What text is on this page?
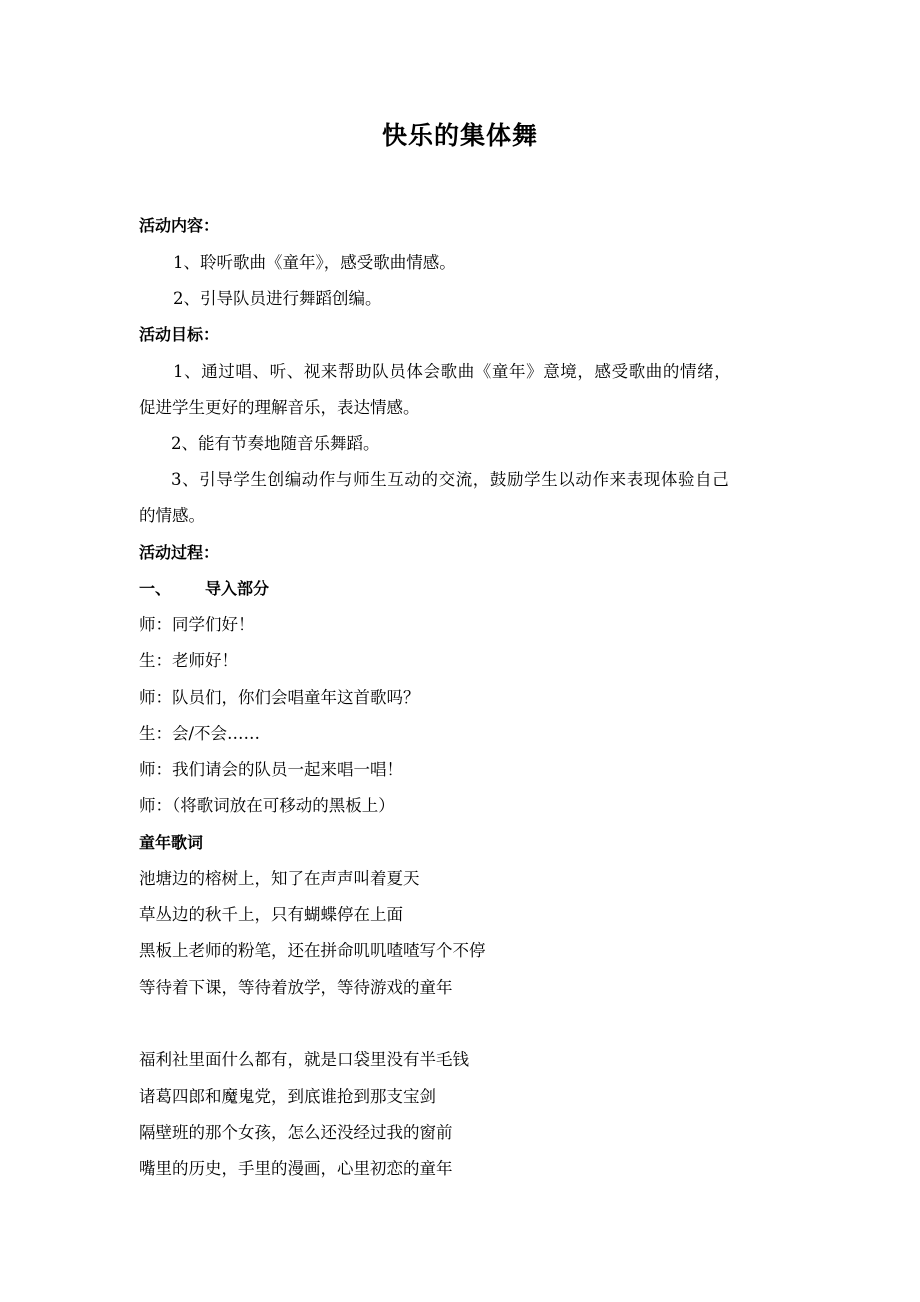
快乐的集体舞
活动内容：
1、聆听歌曲《童年》，感受歌曲情感。
2、引导队员进行舞蹈创编。
活动目标：
1、通过唱、听、视来帮助队员体会歌曲《童年》意境，感受歌曲的情绪，
促进学生更好的理解音乐，表达情感。
2、能有节奏地随音乐舞蹈。
3、引导学生创编动作与师生互动的交流，鼓励学生以动作来表现体验自己
的情感。
活动过程：
一、 导入部分
师：同学们好！
生：老师好！
师：队员们，你们会唱童年这首歌吗？
生：会/不会……
师：我们请会的队员一起来唱一唱！
师：（将歌词放在可移动的黑板上）
童年歌词
池塘边的榕树上，知了在声声叫着夏天
草丛边的秋千上，只有蝴蝶停在上面
黑板上老师的粉笔，还在拼命叽叽喳喳写个不停
等待着下课，等待着放学，等待游戏的童年
福利社里面什么都有，就是口袋里没有半毛钱
诸葛四郎和魔鬼党，到底谁抢到那支宝剑
隔壁班的那个女孩，怎么还没经过我的窗前
嘴里的历史，手里的漫画，心里初恋的童年
